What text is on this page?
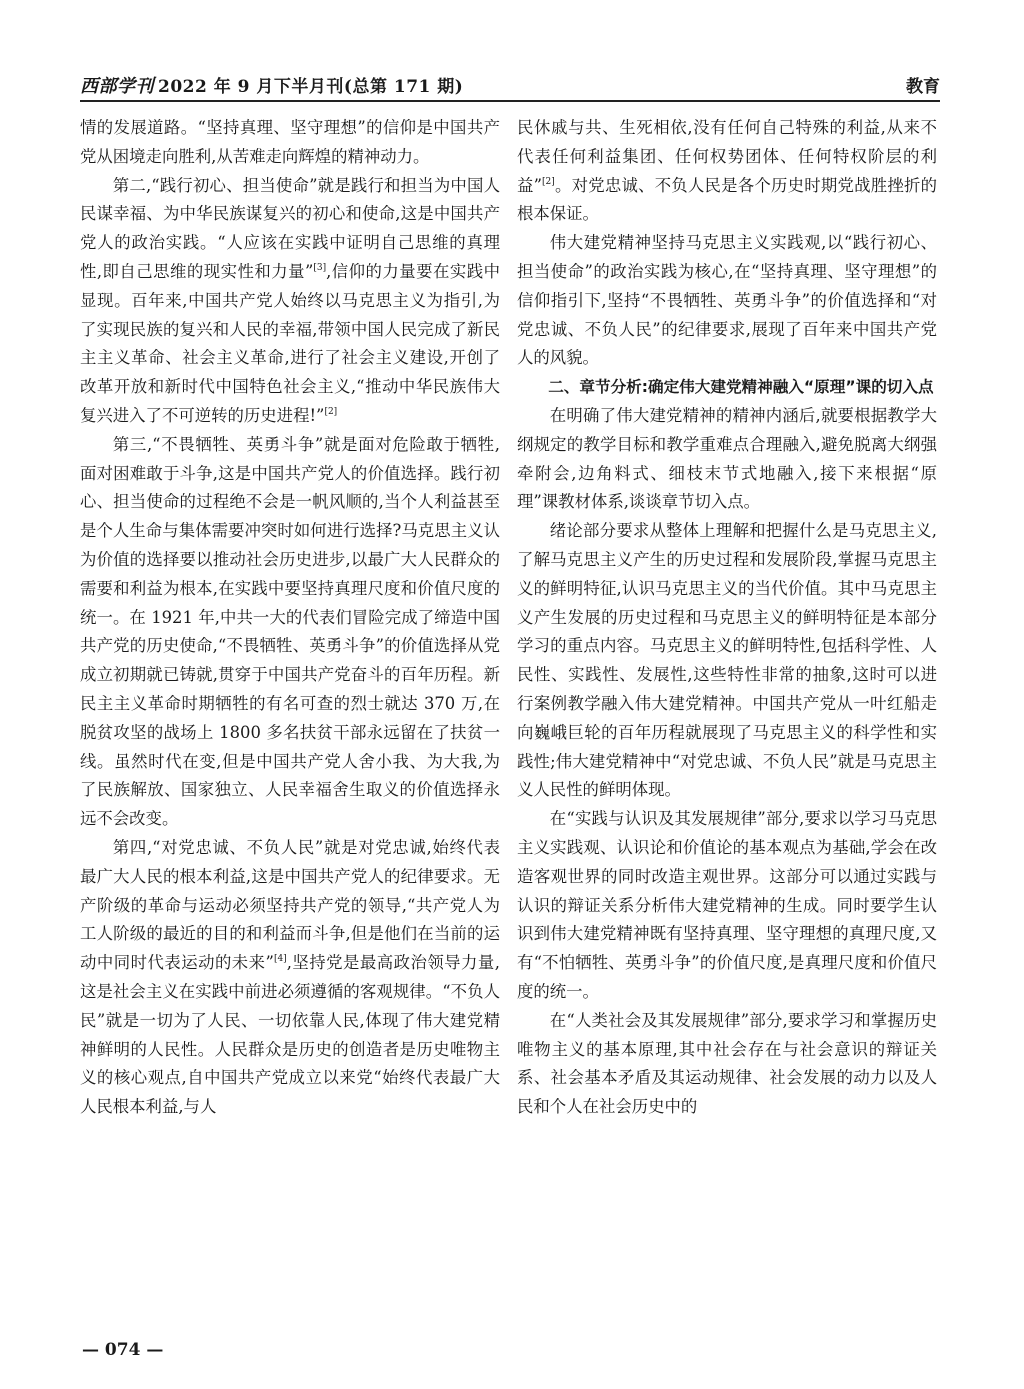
西部学刊 2022 年 9 月下半月刊(总第 171 期)	教育

情的发展道路。“坚持真理、坚守理想”的信仰是中国共产党从困境走向胜利,从苦难走向辉煌的精神动力。

第二,“践行初心、担当使命”就是践行和担当为中国人民谋幸福、为中华民族谋复兴的初心和使命,这是中国共产党人的政治实践。“人应该在实践中证明自己思维的真理性,即自己思维的现实性和力量”[3],信仰的力量要在实践中显现。百年来,中国共产党人始终以马克思主义为指引,为了实现民族的复兴和人民的幸福,带领中国人民完成了新民主主义革命、社会主义革命,进行了社会主义建设,开创了改革开放和新时代中国特色社会主义,“推动中华民族伟大复兴进入了不可逆转的历史进程!”[2]

第三,“不畏牺牲、英勇斗争”就是面对危险敢于牺牲,面对困难敢于斗争,这是中国共产党人的价值选择。践行初心、担当使命的过程绝不会是一帆风顺的,当个人利益甚至是个人生命与集体需要冲突时如何进行选择?马克思主义认为价值的选择要以推动社会历史进步,以最广大人民群众的需要和利益为根本,在实践中要坚持真理尺度和价值尺度的统一。在 1921 年,中共一大的代表们冒险完成了缔造中国共产党的历史使命,“不畏牺牲、英勇斗争”的价值选择从党成立初期就已铸就,贯穿于中国共产党奋斗的百年历程。新民主主义革命时期牺牲的有名可查的烈士就达 370 万,在脱贫攻坚的战场上 1800 多名扶贫干部永远留在了扶贫一线。虽然时代在变,但是中国共产党人舍小我、为大我,为了民族解放、国家独立、人民幸福舍生取义的价值选择永远不会改变。

第四,“对党忠诚、不负人民”就是对党忠诚,始终代表最广大人民的根本利益,这是中国共产党人的纪律要求。无产阶级的革命与运动必须坚持共产党的领导,“共产党人为工人阶级的最近的目的和利益而斗争,但是他们在当前的运动中同时代表运动的未来”[4],坚持党是最高政治领导力量,这是社会主义在实践中前进必须遵循的客观规律。“不负人民”就是一切为了人民、一切依靠人民,体现了伟大建党精神鲜明的人民性。人民群众是历史的创造者是历史唯物主义的核心观点,自中国共产党成立以来党“始终代表最广大人民根本利益,与人

民休戚与共、生死相依,没有任何自己特殊的利益,从来不代表任何利益集团、任何权势团体、任何特权阶层的利益”[2]。对党忠诚、不负人民是各个历史时期党战胜挫折的根本保证。

伟大建党精神坚持马克思主义实践观,以“践行初心、担当使命”的政治实践为核心,在“坚持真理、坚守理想”的信仰指引下,坚持“不畏牺牲、英勇斗争”的价值选择和“对党忠诚、不负人民”的纪律要求,展现了百年来中国共产党人的风貌。

二、章节分析:确定伟大建党精神融入“原理”课的切入点

在明确了伟大建党精神的精神内涵后,就要根据教学大纲规定的教学目标和教学重难点合理融入,避免脱离大纲强牵附会,边角料式、细枝末节式地融入,接下来根据“原理”课教材体系,谈谈章节切入点。

绪论部分要求从整体上理解和把握什么是马克思主义,了解马克思主义产生的历史过程和发展阶段,掌握马克思主义的鲜明特征,认识马克思主义的当代价值。其中马克思主义产生发展的历史过程和马克思主义的鲜明特征是本部分学习的重点内容。马克思主义的鲜明特性,包括科学性、人民性、实践性、发展性,这些特性非常的抽象,这时可以进行案例教学融入伟大建党精神。中国共产党从一叶红船走向巍峨巨轮的百年历程就展现了马克思主义的科学性和实践性;伟大建党精神中“对党忠诚、不负人民”就是马克思主义人民性的鲜明体现。

在“实践与认识及其发展规律”部分,要求以学习马克思主义实践观、认识论和价值论的基本观点为基础,学会在改造客观世界的同时改造主观世界。这部分可以通过实践与认识的辩证关系分析伟大建党精神的生成。同时要学生认识到伟大建党精神既有坚持真理、坚守理想的真理尺度,又有“不怕牺牲、英勇斗争”的价值尺度,是真理尺度和价值尺度的统一。

在“人类社会及其发展规律”部分,要求学习和掌握历史唯物主义的基本原理,其中社会存在与社会意识的辩证关系、社会基本矛盾及其运动规律、社会发展的动力以及人民和个人在社会历史中的

— 074 —
